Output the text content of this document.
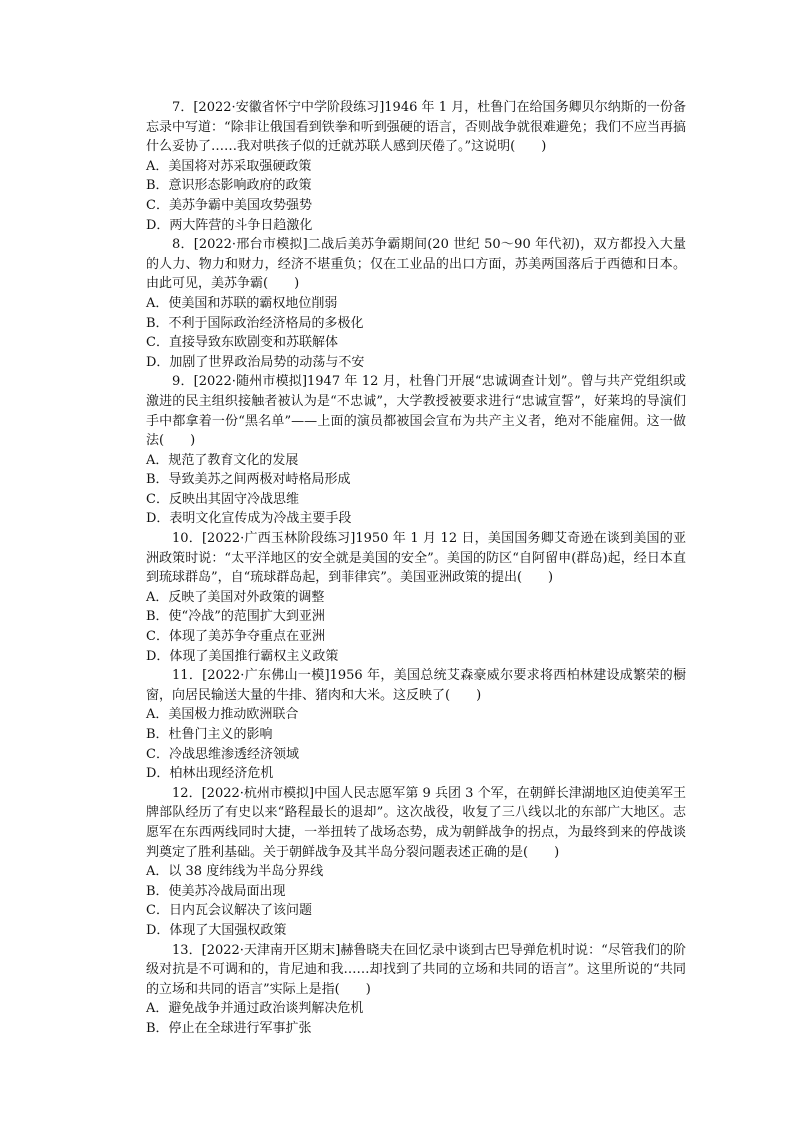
7．[2022·安徽省怀宁中学阶段练习]1946 年 1 月，杜鲁门在给国务卿贝尔纳斯的一份备忘录中写道：“除非让俄国看到铁拳和听到强硬的语言，否则战争就很难避免；我们不应当再搞什么妥协了……我对哄孩子似的迁就苏联人感到厌倦了。”这说明(　　)

A．美国将对苏采取强硬政策

B．意识形态影响政府的政策

C．美苏争霸中美国攻势强势

D．两大阵营的斗争日趋激化

8．[2022·邢台市模拟]二战后美苏争霸期间(20 世纪 50～90 年代初)，双方都投入大量的人力、物力和财力，经济不堪重负；仅在工业品的出口方面，苏美两国落后于西德和日本。由此可见，美苏争霸(　　)

A．使美国和苏联的霸权地位削弱

B．不利于国际政治经济格局的多极化

C．直接导致东欧剧变和苏联解体

D．加剧了世界政治局势的动荡与不安

9．[2022·随州市模拟]1947 年 12 月，杜鲁门开展“忠诚调查计划”。曾与共产党组织或激进的民主组织接触者被认为是“不忠诚”，大学教授被要求进行“忠诚宣誓”，好莱坞的导演们手中都拿着一份“黑名单”——上面的演员都被国会宣布为共产主义者，绝对不能雇佣。这一做法(　　)

A．规范了教育文化的发展

B．导致美苏之间两极对峙格局形成

C．反映出其固守冷战思维

D．表明文化宣传成为冷战主要手段

10．[2022·广西玉林阶段练习]1950 年 1 月 12 日，美国国务卿艾奇逊在谈到美国的亚洲政策时说：“太平洋地区的安全就是美国的安全”。美国的防区“自阿留申(群岛)起，经日本直到琉球群岛”，自“琉球群岛起，到菲律宾”。美国亚洲政策的提出(　　)

A．反映了美国对外政策的调整

B．使“冷战”的范围扩大到亚洲

C．体现了美苏争夺重点在亚洲

D．体现了美国推行霸权主义政策

11．[2022·广东佛山一模]1956 年，美国总统艾森豪威尔要求将西柏林建设成繁荣的橱窗，向居民输送大量的牛排、猪肉和大米。这反映了(　　)

A．美国极力推动欧洲联合

B．杜鲁门主义的影响

C．冷战思维渗透经济领域

D．柏林出现经济危机

12．[2022·杭州市模拟]中国人民志愿军第 9 兵团 3 个军，在朝鲜长津湖地区迫使美军王牌部队经历了有史以来“路程最长的退却”。这次战役，收复了三八线以北的东部广大地区。志愿军在东西两线同时大捷，一举扭转了战场态势，成为朝鲜战争的拐点，为最终到来的停战谈判奠定了胜利基础。关于朝鲜战争及其半岛分裂问题表述正确的是(　　)

A．以 38 度纬线为半岛分界线

B．使美苏冷战局面出现

C．日内瓦会议解决了该问题

D．体现了大国强权政策

13．[2022·天津南开区期末]赫鲁晓夫在回忆录中谈到古巴导弹危机时说：“尽管我们的阶级对抗是不可调和的，肯尼迪和我……却找到了共同的立场和共同的语言”。这里所说的“共同的立场和共同的语言”实际上是指(　　)

A．避免战争并通过政治谈判解决危机

B．停止在全球进行军事扩张
